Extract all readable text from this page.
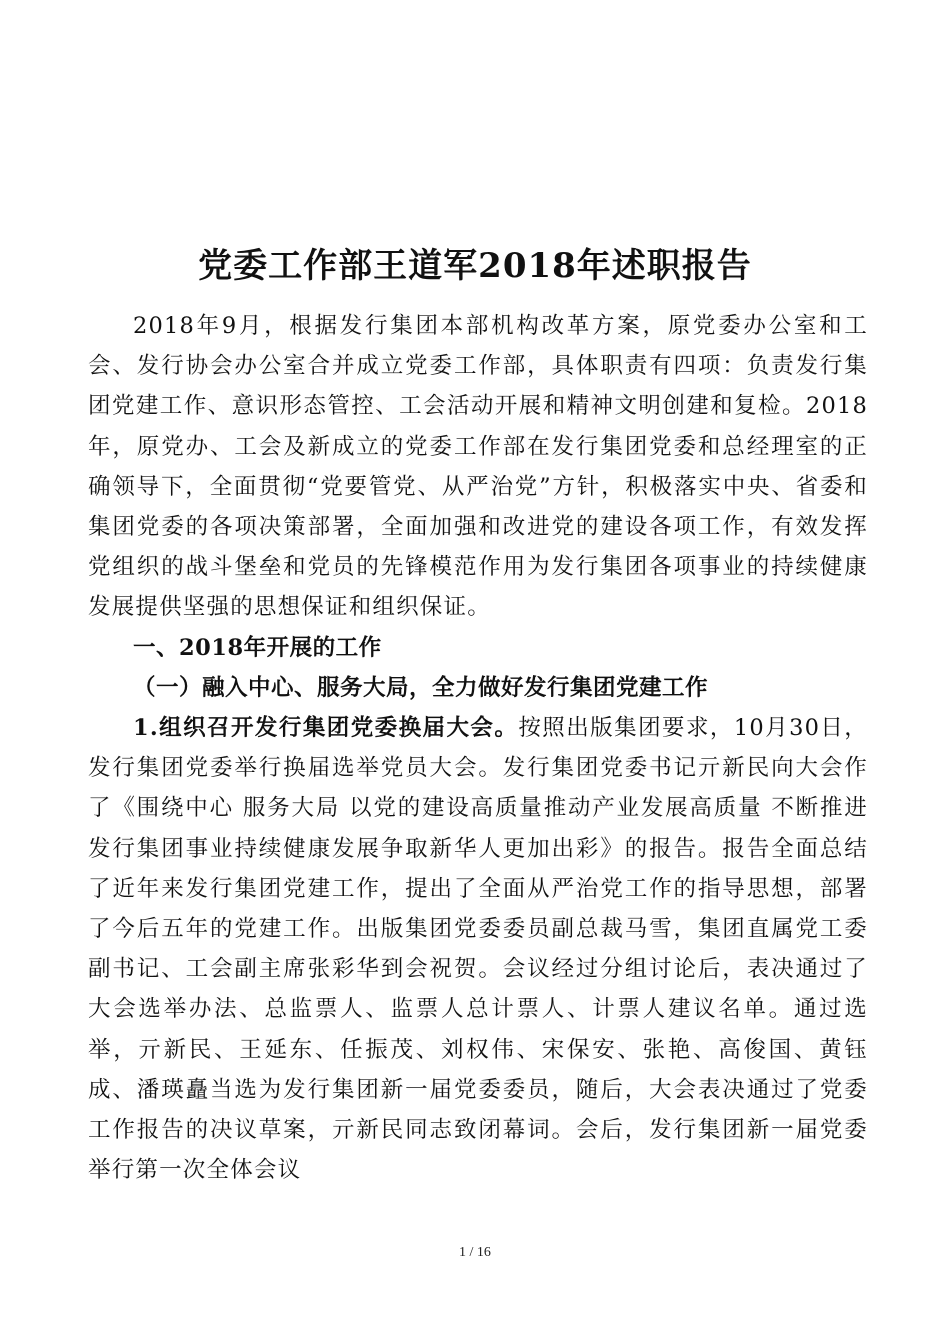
党委工作部王道军2018年述职报告

2018年9月，根据发行集团本部机构改革方案，原党委办公室和工会、发行协会办公室合并成立党委工作部，具体职责有四项：负责发行集团党建工作、意识形态管控、工会活动开展和精神文明创建和复检。2018年，原党办、工会及新成立的党委工作部在发行集团党委和总经理室的正确领导下，全面贯彻“党要管党、从严治党”方针，积极落实中央、省委和集团党委的各项决策部署，全面加强和改进党的建设各项工作，有效发挥党组织的战斗堡垒和党员的先锋模范作用为发行集团各项事业的持续健康发展提供坚强的思想保证和组织保证。

一、2018年开展的工作

（一）融入中心、服务大局，全力做好发行集团党建工作

1.组织召开发行集团党委换届大会。按照出版集团要求，10月30日，发行集团党委举行换届选举党员大会。发行集团党委书记亓新民向大会作了《围绕中心 服务大局 以党的建设高质量推动产业发展高质量 不断推进发行集团事业持续健康发展争取新华人更加出彩》的报告。报告全面总结了近年来发行集团党建工作，提出了全面从严治党工作的指导思想，部署了今后五年的党建工作。出版集团党委委员副总裁马雪，集团直属党工委副书记、工会副主席张彩华到会祝贺。会议经过分组讨论后，表决通过了大会选举办法、总监票人、监票人总计票人、计票人建议名单。通过选举，亓新民、王延东、任振茂、刘权伟、宋保安、张艳、高俊国、黄钰成、潘瑛矗当选为发行集团新一届党委委员，随后，大会表决通过了党委工作报告的决议草案，亓新民同志致闭幕词。会后，发行集团新一届党委举行第一次全体会议

1 / 16
